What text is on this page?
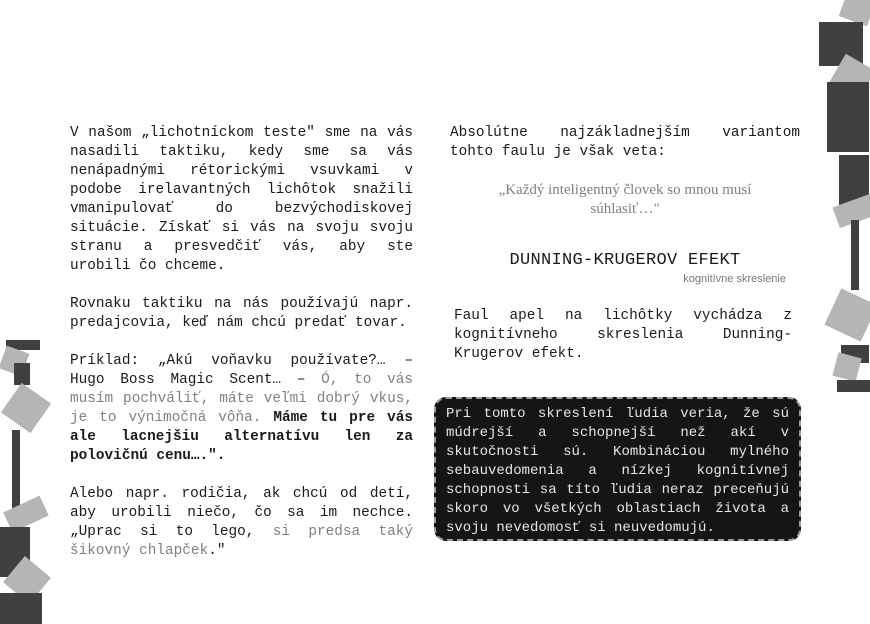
V našom „lichotníckom teste" sme na vás nasadili taktiku, kedy sme sa vás nenápadnými rétorickými vsuvkami v podobe irelavantných lichôtok snažili vmanipulovať do bezvýchodiskovej situácie. Získať si vás na svoju svoju stranu a presvedčiť vás, aby ste urobili čo chceme.

Rovnaku taktiku na nás používajú napr. predajcovia, keď nám chcú predať tovar.

Príklad: „Akú voňavku používate?… – Hugo Boss Magic Scent… – Ó, to vás musím pochváliť, máte veľmi dobrý vkus, je to výnimočná vôňa. Máme tu pre vás ale lacnejšiu alternatívu len za polovičnú cenu….".

Alebo napr. rodičia, ak chcú od detí, aby urobili niečo, čo sa im nechce. „Uprac si to lego, si predsa taký šikovný chlapček."

Absolútne najzákladnejším variantom tohto faulu je však veta:

„Každý inteligentný človek so mnou musí súhlasiť…"

DUNNING-KRUGEROV EFEKT

kognitívne skreslenie

Faul apel na lichôtky vychádza z kognitívneho skreslenia Dunning-Krugerov efekt.

Pri tomto skreslení ľudia veria, že sú múdrejší a schopnejší než akí v skutočnosti sú. Kombináciou mylného sebauvedomenia a nízkej kognitívnej schopnosti sa títo ľudia neraz preceňujú skoro vo všetkých oblastiach života a svoju nevedomosť si neuvedomujú.
